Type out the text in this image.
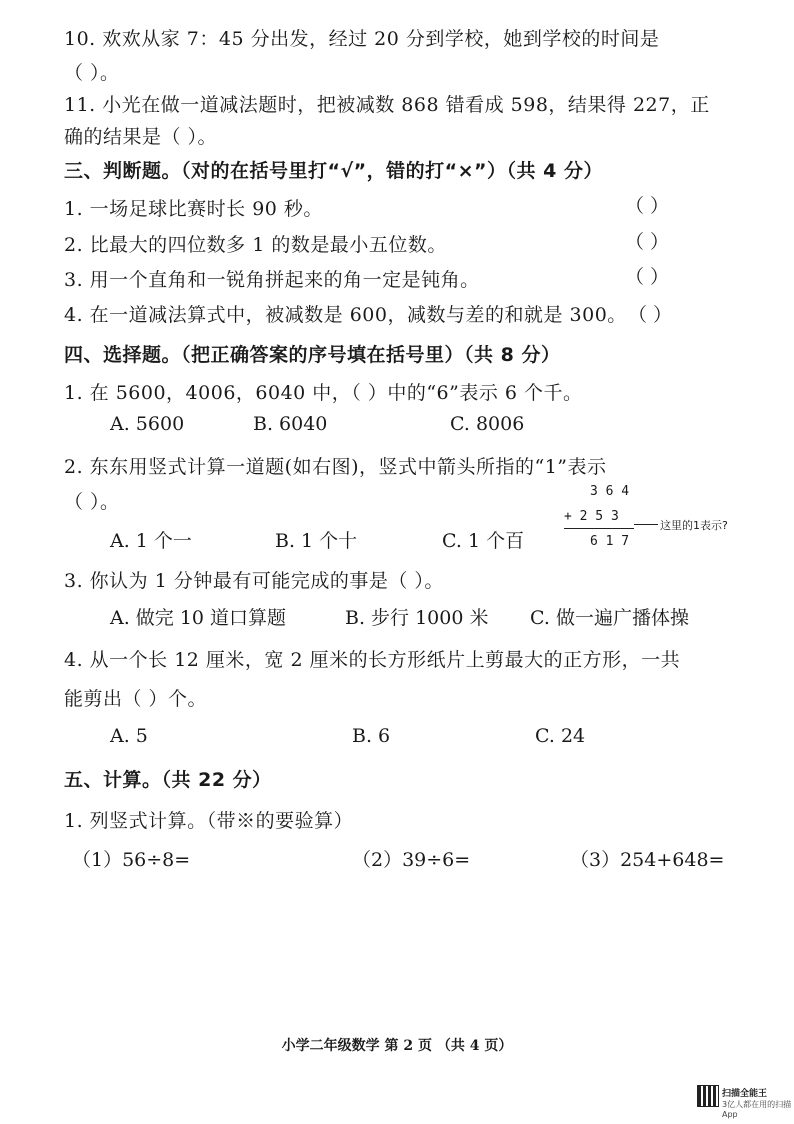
10. 欢欢从家 7：45 分出发，经过 20 分到学校，她到学校的时间是
（ ）。
11. 小光在做一道减法题时，把被减数 868 错看成 598，结果得 227，正
确的结果是（ ）。
三、判断题。（对的在括号里打“√”，错的打“×”）（共 4 分）
1. 一场足球比赛时长 90 秒。	（ ）
2. 比最大的四位数多 1 的数是最小五位数。	（ ）
3. 用一个直角和一锐角拼起来的角一定是钝角。	（ ）
4. 在一道减法算式中，被减数是 600，减数与差的和就是 300。 （ ）
四、选择题。（把正确答案的序号填在括号里）（共 8 分）
1. 在 5600，4006，6040 中，（ ）中的“6”表示 6 个千。
A. 5600	B. 6040	C. 8006
2. 东东用竖式计算一道题(如右图)，竖式中箭头所指的“1”表示
（ ）。
A. 1 个一	B. 1 个十	C. 1 个百
3 6 4
+ 2 5 3
这里的1表示?
6 1 7
3. 你认为 1 分钟最有可能完成的事是（ ）。
A. 做完 10 道口算题	B. 步行 1000 米 C. 做一遍广播体操
4. 从一个长 12 厘米，宽 2 厘米的长方形纸片上剪最大的正方形，一共
能剪出（ ）个。
A. 5	B. 6	C. 24
五、计算。（共 22 分）
1. 列竖式计算。（带※的要验算）
（1）56÷8=	（2）39÷6=	（3）254+648=
小学二年级数学 第 2 页 （共 4 页）
扫描全能王
3亿人都在用的扫描App
